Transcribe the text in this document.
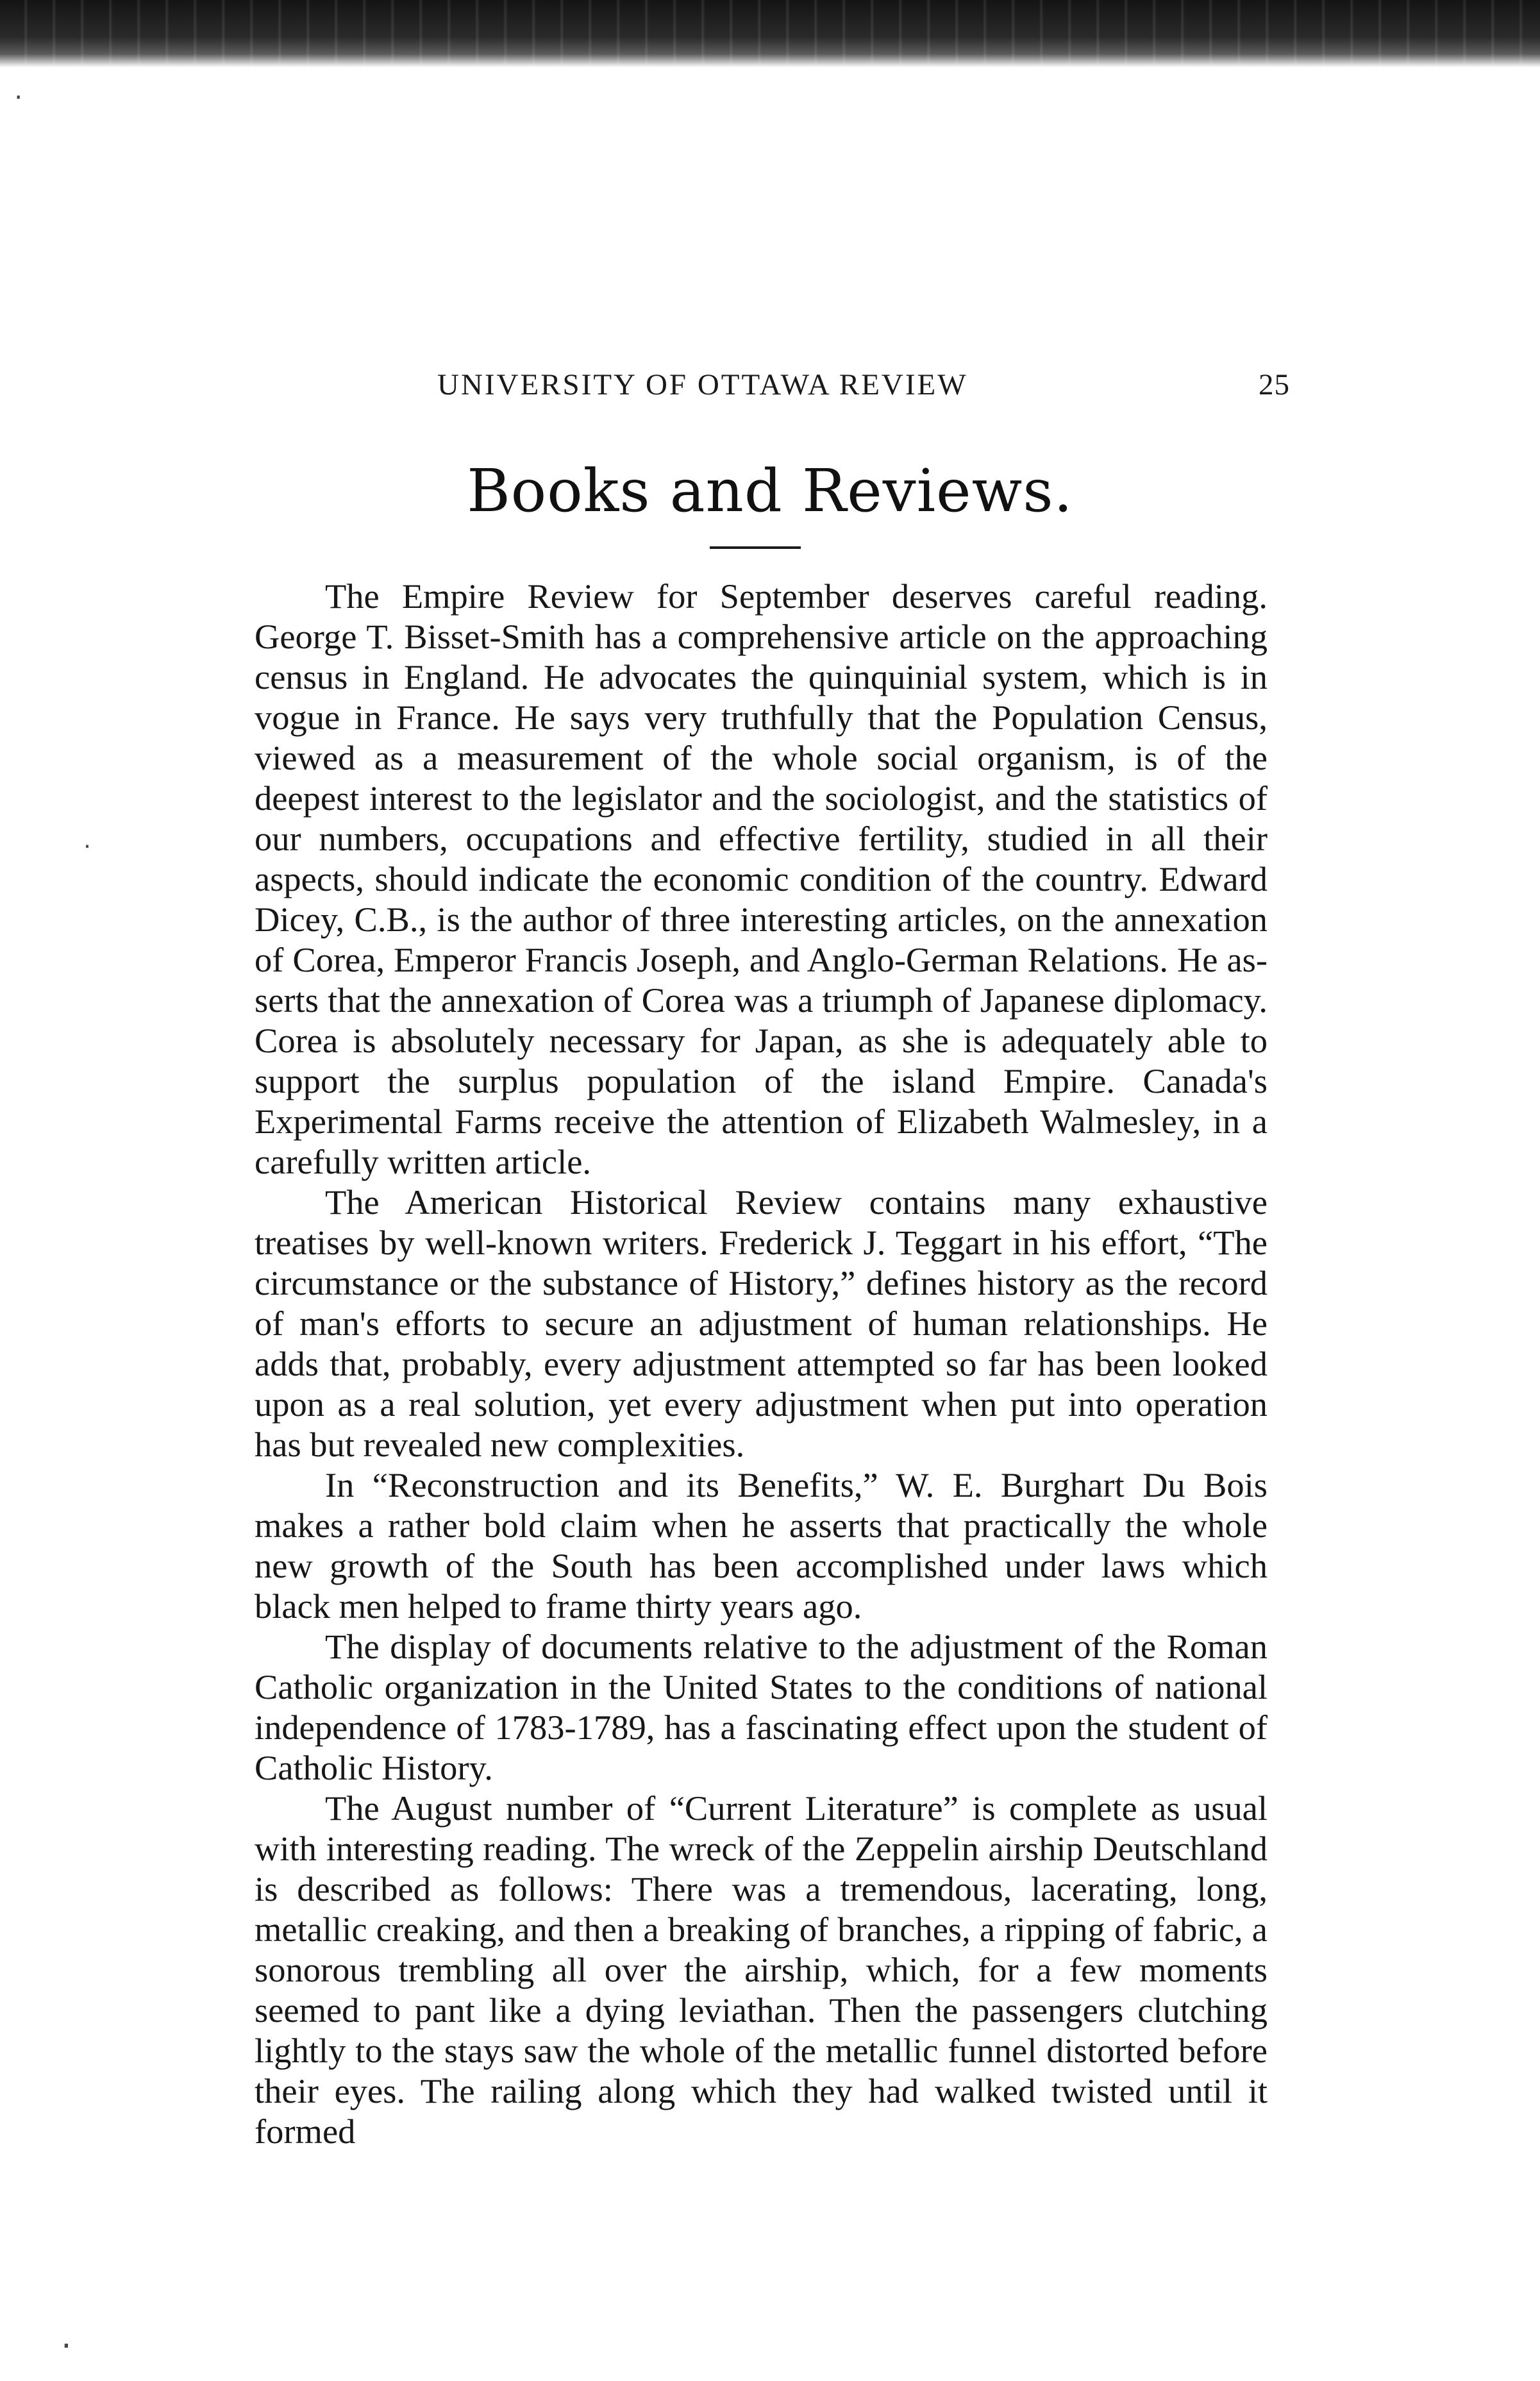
․
․
․
UNIVERSITY OF OTTAWA REVIEW	25
Books and Reviews.

The Empire Review for September deserves careful reading. George T. Bisset-Smith has a comprehensive article on the approaching census in England. He advocates the quinquinial system, which is in vogue in France. He says very truthfully that the Population Census, viewed as a measurement of the whole social organism, is of the deepest interest to the legislator and the sociologist, and the statistics of our numbers, occupations and effective fertility, studied in all their aspects, should indicate the economic condition of the country. Edward Dicey, C.B., is the author of three interesting articles, on the annexation of Corea, Emperor Francis Joseph, and Anglo-German Relations. He asserts that the annexation of Corea was a triumph of Japanese diplomacy. Corea is absolutely necessary for Japan, as she is adequately able to support the surplus population of the island Empire. Canada's Experimental Farms receive the attention of Elizabeth Walmesley, in a carefully written article.

The American Historical Review contains many exhaustive treatises by well-known writers. Frederick J. Teggart in his effort, “The circumstance or the substance of History,” defines history as the record of man's efforts to secure an adjustment of human relationships. He adds that, probably, every adjustment attempted so far has been looked upon as a real solution, yet every adjustment when put into operation has but revealed new complexities.

In “Reconstruction and its Benefits,” W. E. Burghart Du Bois makes a rather bold claim when he asserts that practically the whole new growth of the South has been accomplished under laws which black men helped to frame thirty years ago.

The display of documents relative to the adjustment of the Roman Catholic organization in the United States to the conditions of national independence of 1783-1789, has a fascinating effect upon the student of Catholic History.

The August number of “Current Literature” is complete as usual with interesting reading. The wreck of the Zeppelin airship Deutschland is described as follows: There was a tremendous, lacerating, long, metallic creaking, and then a breaking of branches, a ripping of fabric, a sonorous trembling all over the airship, which, for a few moments seemed to pant like a dying leviathan. Then the passengers clutching lightly to the stays saw the whole of the metallic funnel distorted before their eyes. The railing along which they had walked twisted until it formed
